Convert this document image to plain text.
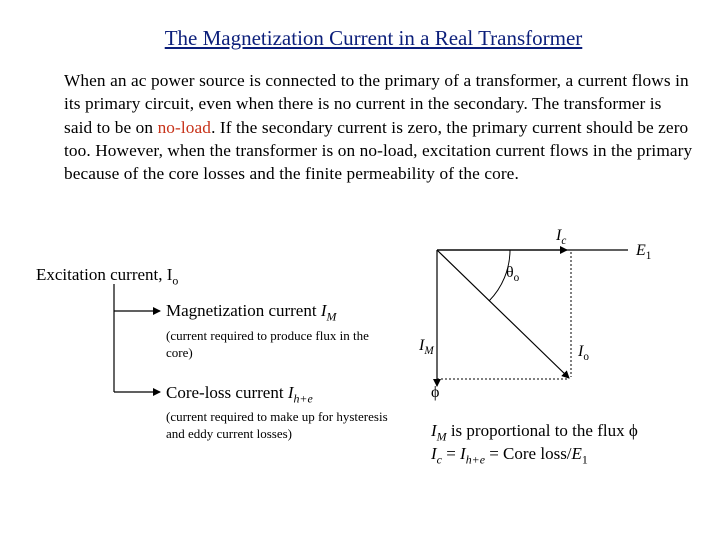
The Magnetization Current in a Real Transformer
When an ac power source is connected to the primary of a transformer, a current flows in its primary circuit, even when there is no current in the secondary. The transformer is said to be on no-load. If the secondary current is zero, the primary current should be zero too. However, when the transformer is on no-load, excitation current flows in the primary because of the core losses and the finite permeability of the core.
Excitation current, $I_o$
Magnetization current $I_M$
(current required to produce flux in the core)
Core-loss current $I_{h+e}$
(current required to make up for hysteresis and eddy current losses)
$I_c$
$E_1$
$\theta_o$
$I_M$	$I_o$
ϕ
$I_M$ is proportional to the flux ϕ
$I_c = I_{h+e}$ = Core loss/$E_1$
